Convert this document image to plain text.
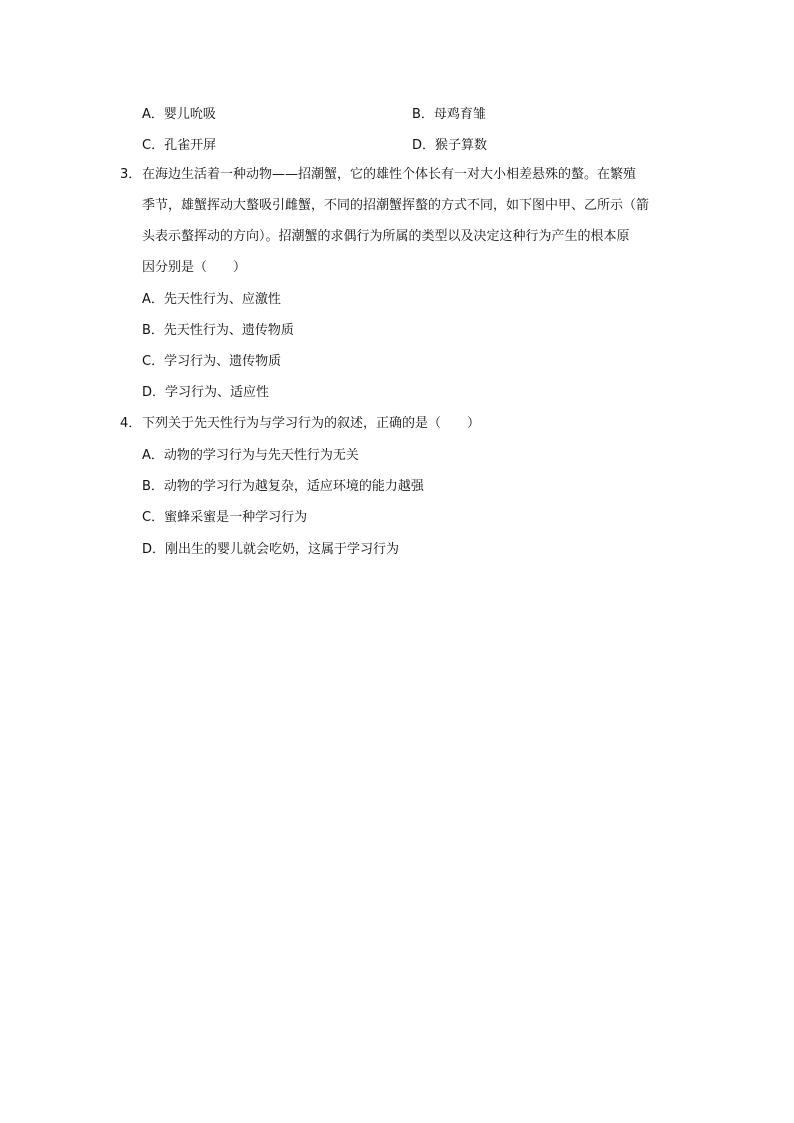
A．婴儿吮吸	B．母鸡育雏
C．孔雀开屏	D．猴子算数
3．在海边生活着一种动物——招潮蟹，它的雄性个体长有一对大小相差悬殊的螯。在繁殖
季节，雄蟹挥动大螯吸引雌蟹，不同的招潮蟹挥螯的方式不同，如下图中甲、乙所示（箭
头表示螯挥动的方向）。招潮蟹的求偶行为所属的类型以及决定这种行为产生的根本原
因分别是（　　）
A．先天性行为、应激性
B．先天性行为、遗传物质
C．学习行为、遗传物质
D．学习行为、适应性
4．下列关于先天性行为与学习行为的叙述，正确的是（　　）
A．动物的学习行为与先天性行为无关
B．动物的学习行为越复杂，适应环境的能力越强
C．蜜蜂采蜜是一种学习行为
D．刚出生的婴儿就会吃奶，这属于学习行为
